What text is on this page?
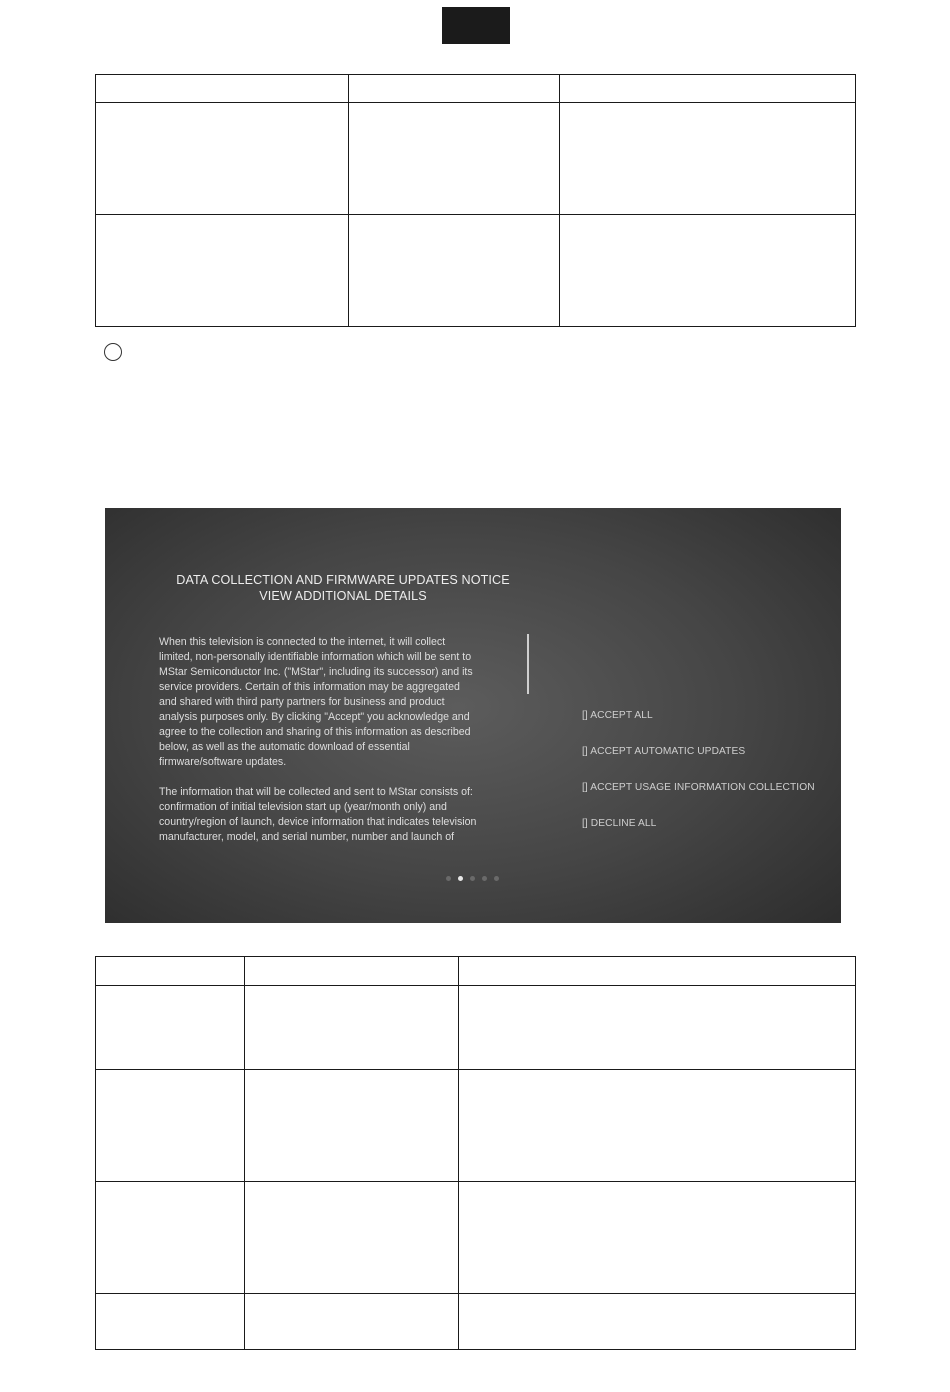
DATA COLLECTION AND FIRMWARE UPDATES NOTICE
VIEW ADDITIONAL DETAILS

When this television is connected to the internet, it will collect
limited, non-personally identifiable information which will be sent to
MStar Semiconductor Inc. ("MStar", including its successor) and its
service providers. Certain of this information may be aggregated
and shared with third party partners for business and product
analysis purposes only. By clicking "Accept" you acknowledge and
agree to the collection and sharing of this information as described
below, as well as the automatic download of essential
firmware/software updates.

The information that will be collected and sent to MStar consists of:
confirmation of initial television start up (year/month only) and
country/region of launch, device information that indicates television
manufacturer, model, and serial number, number and launch of

[] ACCEPT ALL
[] ACCEPT AUTOMATIC UPDATES
[] ACCEPT USAGE INFORMATION COLLECTION
[] DECLINE ALL
